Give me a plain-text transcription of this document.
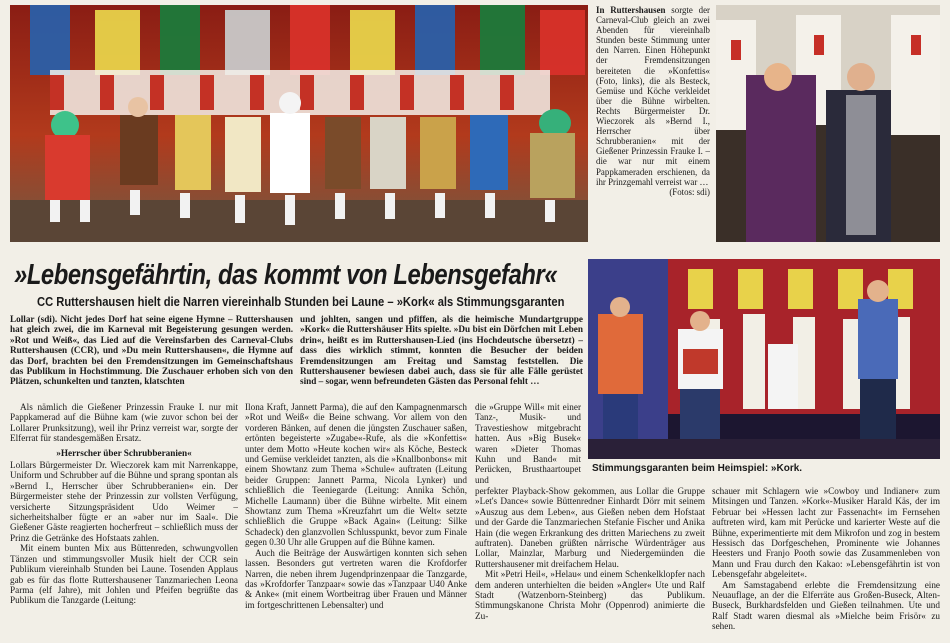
In Ruttershausen sorgte der Carneval-Club gleich an zwei Abenden für viereinhalb Stunden beste Stimmung unter den Narren. Einen Höhepunkt der Fremdensitzungen bereiteten die »Konfettis« (Foto, links), die als Besteck, Gemüse und Köche verkleidet über die Bühne wirbelten. Rechts Bürgermeister Dr. Wieczorek als »Bernd I., Herrscher über Schrubberanien« mit der Gießener Prinzessin Frauke I. – die war nur mit einem Pappkameraden erschienen, da ihr Prinzgemahl verreist war …
(Fotos: sdi)
»Lebensgefährtin, das kommt von Lebensgefahr«
CC Ruttershausen hielt die Narren viereinhalb Stunden bei Laune – »Kork« als Stimmungsgaranten
Lollar (sdi). Nicht jedes Dorf hat seine eigene Hymne – Ruttershausen hat gleich zwei, die im Karneval mit Begeisterung gesungen werden. »Rot und Weiß«, das Lied auf die Vereinsfarben des Carneval-Clubs Ruttershausen (CCR), und »Du mein Ruttershausen«, die Hymne auf das Dorf, brachten bei den Fremdensitzungen im Gemeinschaftshaus das Publikum in Hochstimmung. Die Zuschauer erhoben sich von den Plätzen, schunkelten und tanzten, klatschten
und johlten, sangen und pfiffen, als die heimische Mundartgruppe »Kork« die Ruttershäuser Hits spielte. »Du bist ein Dörfchen mit Leben drin«, heißt es im Ruttershausen-Lied (ins Hochdeutsche übersetzt) – dass dies wirklich stimmt, konnten die Besucher der beiden Fremdensitzungen am Freitag und Samstag feststellen. Die Ruttershausener bewiesen dabei auch, dass sie für alle Fälle gerüstet sind – sogar, wenn befreundeten Gästen das Personal fehlt …
Als nämlich die Gießener Prinzessin Frauke I. nur mit Pappkamerad auf die Bühne kam (wie zuvor schon bei der Lollarer Prunksitzung), weil ihr Prinz verreist war, sorgte der Elferrat für standesgemäßen Ersatz.
»Herrscher über Schrubberanien«
Lollars Bürgermeister Dr. Wieczorek kam mit Narrenkappe, Uniform und Schrubber auf die Bühne und sprang spontan als »Bernd I., Herrscher über Schrubberanien« ein. Der Bürgermeister stehe der Prinzessin zur vollsten Verfügung, versicherte Sitzungspräsident Udo Weimer – sicherheitshalber fügte er an »aber nur im Saal«. Die Gießener Gäste reagierten hocherfreut – schließlich muss der Prinz die Getränke des Hofstaats zahlen.
Mit einem bunten Mix aus Büttenreden, schwungvollen Tänzen und stimmungsvoller Musik hielt der CCR sein Publikum viereinhalb Stunden bei Laune. Tosenden Applaus gab es für das flotte Ruttershausener Tanzmariechen Leona Parma (elf Jahre), mit Johlen und Pfeifen begrüßte das Publikum die Tanzgarde (Leitung:
Ilona Kraft, Jannett Parma), die auf den Kampagnenmarsch »Rot und Weiß« die Beine schwang. Vor allem von den vorderen Bänken, auf denen die jüngsten Zuschauer saßen, ertönten begeisterte »Zugabe«-Rufe, als die »Konfettis« unter dem Motto »Heute kochen wir« als Köche, Besteck und Gemüse verkleidet tanzten, als die »Knallbonbons« mit einem Showtanz zum Thema »Schule« auftraten (Leitung beider Gruppen: Jannett Parma, Nicola Lynker) und schließlich die Teeniegarde (Leitung: Annika Schön, Michelle Laumann) über die Bühne wirbelte. Mit einem Showtanz zum Thema »Kreuzfahrt um die Welt« setzte schließlich die Gruppe »Back Again« (Leitung: Silke Schadeck) den glanzvollen Schlusspunkt, bevor zum Finale gegen 0.30 Uhr alle Gruppen auf die Bühne kamen.
Auch die Beiträge der Auswärtigen konnten sich sehen lassen. Besonders gut vertreten waren die Krofdorfer Narren, die neben ihrem Jugendprinzenpaar die Tanzgarde, das »Krofdorfer Tanzpaar« sowie das »Tanzpaar U40 Anke & Anke« (mit einem Wortbeitrag über Frauen und Männer im fortgeschrittenen Lebensalter) und
die »Gruppe Will« mit einer Tanz-, Musik- und Travestieshow mitgebracht hatten. Aus »Big Busek« waren »Dieter Thomas Kuhn und Band« mit Perücken, Brusthaartoupet und
perfekter Playback-Show gekommen, aus Lollar die Gruppe »Let's Dance« sowie Büttenredner Einhardt Dörr mit seinem »Auszug aus dem Leben«, aus Gießen neben dem Hofstaat und der Garde die Tanzmariechen Stefanie Fischer und Anika Hain (die wegen Erkrankung des dritten Mariechens zu zweit auftraten). Daneben grüßten närrische Würdenträger aus Lollar, Mainzlar, Marburg und Niedergemünden die Ruttershausener mit dreifachem Helau.
Mit »Petri Heil«, »Helau« und einem Schenkelklopfer nach dem anderen unterhielten die beiden »Angler« Ute und Ralf Stadt (Watzenborn-Steinberg) das Publikum. Stimmungskanone Christa Mohr (Oppenrod) animierte die Zu-
schauer mit Schlagern wie »Cowboy und Indianer« zum Mitsingen und Tanzen. »Kork«-Musiker Harald Käs, der im Februar bei »Hessen lacht zur Fassenacht« im Fernsehen auftreten wird, kam mit Perücke und karierter Weste auf die Bühne, experimentierte mit dem Mikrofon und zog in bestem Hessisch das Dorfgeschehen, Prominente wie Johannes Heesters und Franjo Pooth sowie das Zusammenleben von Mann und Frau durch den Kakao: »Lebensgefährtin ist von Lebensgefahr abgeleitet«.
Am Samstagabend erlebte die Fremdensitzung eine Neuauflage, an der die Elferräte aus Großen-Buseck, Alten-Buseck, Burkhardsfelden und Gießen teilnahmen. Ute und Ralf Stadt waren diesmal als »Mielche beim Frisör« zu sehen.
Stimmungsgaranten beim Heimspiel: »Kork.
